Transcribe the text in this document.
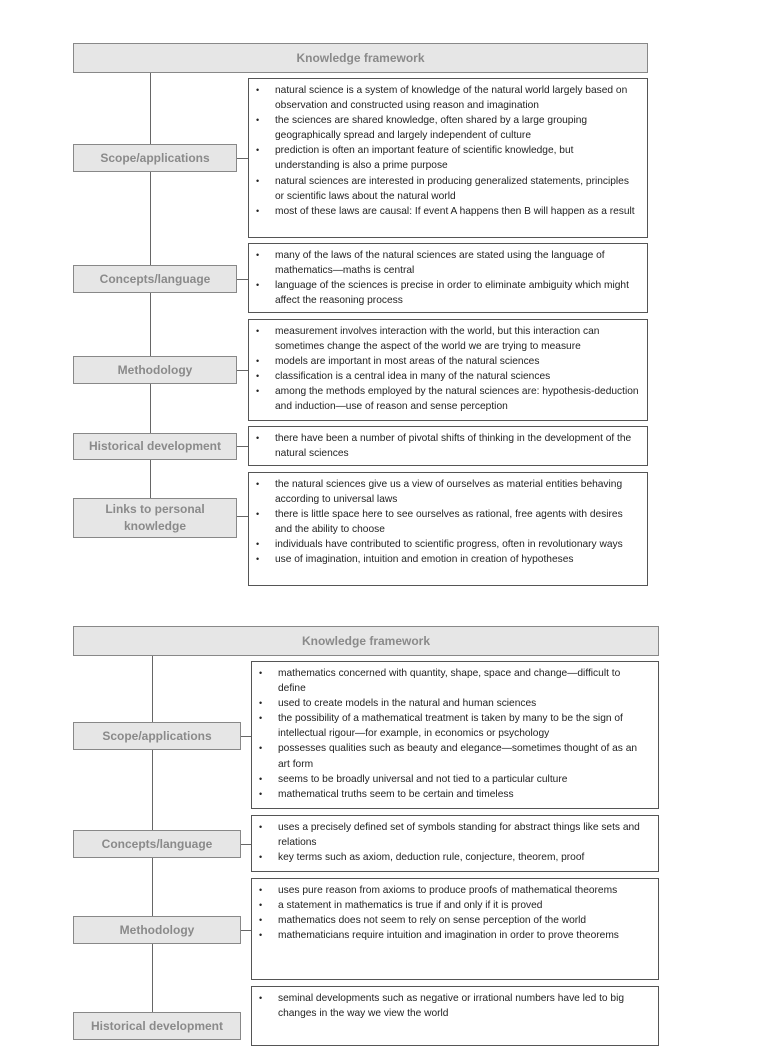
Knowledge framework
Scope/applications
• natural science is a system of knowledge of the natural world largely based on observation and constructed using reason and imagination
• the sciences are shared knowledge, often shared by a large grouping geographically spread and largely independent of culture
• prediction is often an important feature of scientific knowledge, but understanding is also a prime purpose
• natural sciences are interested in producing generalized statements, principles or scientific laws about the natural world
• most of these laws are causal: If event A happens then B will happen as a result
Concepts/language
• many of the laws of the natural sciences are stated using the language of mathematics—maths is central
• language of the sciences is precise in order to eliminate ambiguity which might affect the reasoning process
Methodology
• measurement involves interaction with the world, but this interaction can sometimes change the aspect of the world we are trying to measure
• models are important in most areas of the natural sciences
• classification is a central idea in many of the natural sciences
• among the methods employed by the natural sciences are: hypothesis-deduction and induction—use of reason and sense perception
Historical development
• there have been a number of pivotal shifts of thinking in the development of the natural sciences
Links to personal knowledge
• the natural sciences give us a view of ourselves as material entities behaving according to universal laws
• there is little space here to see ourselves as rational, free agents with desires and the ability to choose
• individuals have contributed to scientific progress, often in revolutionary ways
• use of imagination, intuition and emotion in creation of hypotheses
Knowledge framework
Scope/applications
• mathematics concerned with quantity, shape, space and change—difficult to define
• used to create models in the natural and human sciences
• the possibility of a mathematical treatment is taken by many to be the sign of intellectual rigour—for example, in economics or psychology
• possesses qualities such as beauty and elegance—sometimes thought of as an art form
• seems to be broadly universal and not tied to a particular culture
• mathematical truths seem to be certain and timeless
Concepts/language
• uses a precisely defined set of symbols standing for abstract things like sets and relations
• key terms such as axiom, deduction rule, conjecture, theorem, proof
Methodology
• uses pure reason from axioms to produce proofs of mathematical theorems
• a statement in mathematics is true if and only if it is proved
• mathematics does not seem to rely on sense perception of the world
• mathematicians require intuition and imagination in order to prove theorems
Historical development
• seminal developments such as negative or irrational numbers have led to big changes in the way we view the world
